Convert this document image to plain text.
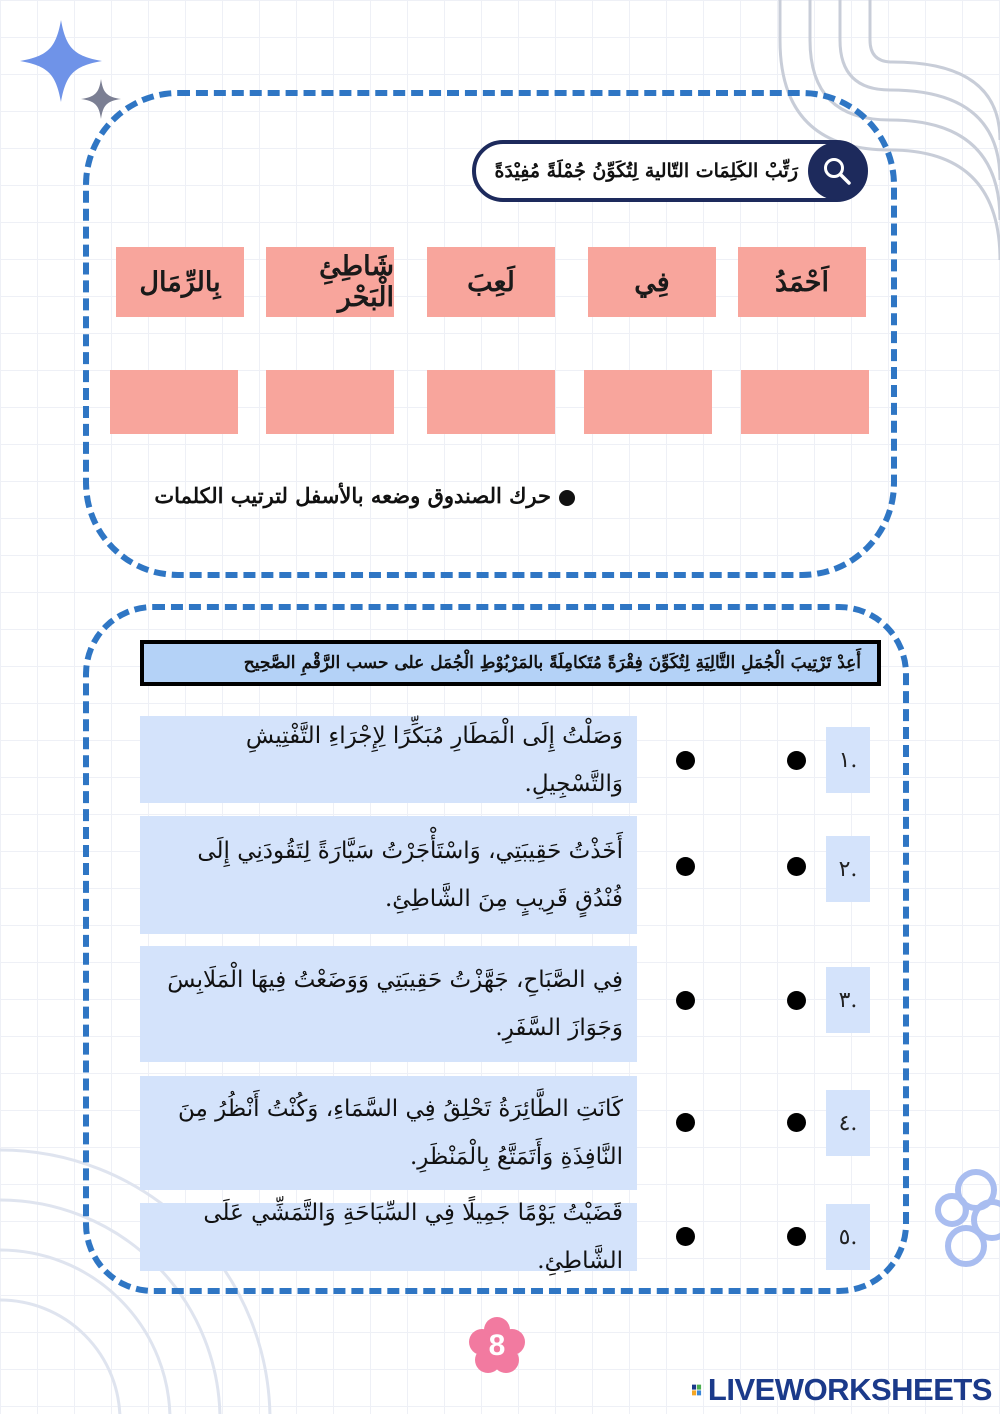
رَتِّبْ الكَلِمَات التّالية لِتُكَوِّنُ جُمْلَةً مُفِيْدَةً
بِالرِّمَال	شَاطِئِ الْبَحْر	لَعِبَ	فِي	اَحْمَدُ
حرك الصندوق وضعه بالأسفل لترتيب الكلمات
أَعِدْ تَرْتِيبَ الْجُمَلِ التَّالِيَةِ لِتُكَوِّنَ فِقْرَةً مُتَكامِلَةً بالمَرْبُوْطِ الْجُمَل على حسب الرَّقْمِ الصَّحِيح
وَصَلْتُ إِلَى الْمَطَارِ مُبَكِّرًا لِإِجْرَاءِ التَّفْتِيشِ وَالتَّسْجِيلِ.
.١
أَخَذْتُ حَقِيبَتِي، وَاسْتَأْجَرْتُ سَيَّارَةً لِتَقُودَنِي إِلَى فُنْدُقٍ قَرِيبٍ مِنَ الشَّاطِئِ.
.٢
فِي الصَّبَاحِ، جَهَّزْتُ حَقِيبَتِي وَوَضَعْتُ فِيهَا الْمَلَابِسَ وَجَوَازَ السَّفَرِ.
.٣
كَانَتِ الطَّائِرَةُ تَحْلِقُ فِي السَّمَاءِ، وَكُنْتُ أَنْظُرُ مِنَ النَّافِذَةِ وَأَتَمَتَّعُ بِالْمَنْظَرِ.
.٤
قَضَيْتُ يَوْمًا جَمِيلًا فِي السِّبَاحَةِ وَالتَّمَشِّي عَلَى الشَّاطِئِ.
.٥
8
LIVEWORKSHEETS
